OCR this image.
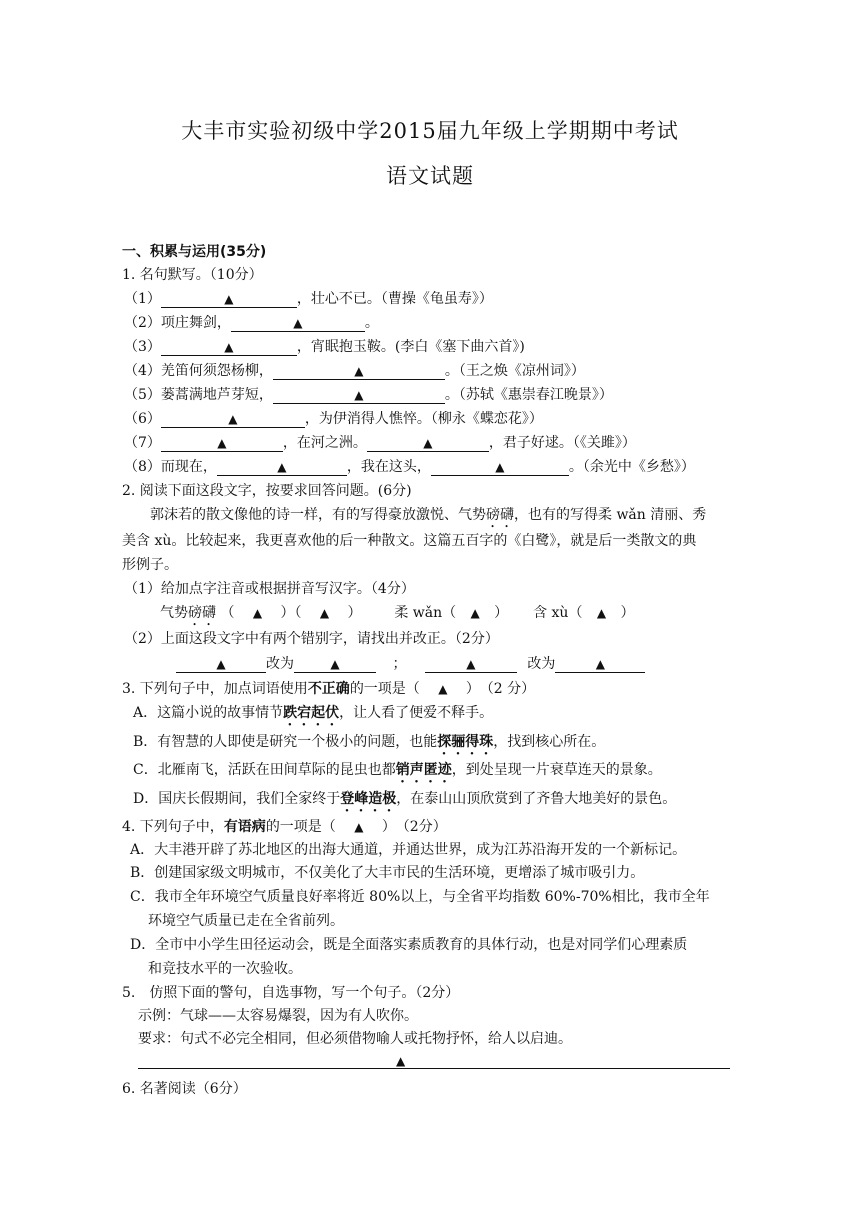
大丰市实验初级中学2015届九年级上学期期中考试
语文试题
一、积累与运用(35分)
1. 名句默写。（10分）
（1）	▲	，壮心不已。（曹操《龟虽寿》）
（2）项庄舞剑，	▲	。
（3）	▲	，宵眠抱玉鞍。(李白《塞下曲六首》)
（4）羌笛何须怨杨柳，	▲	。（王之焕《凉州词》）
（5）蒌蒿满地芦芽短，	▲	。（苏轼《惠崇春江晚景》）
（6）	▲	，为伊消得人憔悴。（柳永《蝶恋花》）
（7）	▲	，在河之洲。	▲	，君子好逑。（《关雎》）
（8）而现在，	▲	，我在这头，	▲	。（余光中《乡愁》）
2. 阅读下面这段文字，按要求回答问题。(6分)
郭沫若的散文像他的诗一样，有的写得豪放激悦、气势磅礴，也有的写得柔 wǎn 清丽、秀
美含 xù。比较起来，我更喜欢他的后一种散文。这篇五百字的《白鹭》，就是后一类散文的典
形例子。
（1）给加点字注音或根据拼音写汉字。（4分）
气势磅礴 （ ▲ ）（ ▲ ） 柔 wǎn（ ▲ ） 含 xù（ ▲ ）
（2）上面这段文字中有两个错别字，请找出并改正。（2分）
▲	改为	▲	；	▲	改为	▲
3. 下列句子中，加点词语使用不正确的一项是（ ▲ ）　（2 分）
A．这篇小说的故事情节跌宕起伏，让人看了便爱不释手。
B．有智慧的人即使是研究一个极小的问题，也能探骊得珠，找到核心所在。
C．北雁南飞，活跃在田间草际的昆虫也都销声匿迹，到处呈现一片衰草连天的景象。
D．国庆长假期间，我们全家终于登峰造极，在泰山山顶欣赏到了齐鲁大地美好的景色。
4. 下列句子中，有语病的一项是（ ▲ ）　（2分）
A．大丰港开辟了苏北地区的出海大通道，并通达世界，成为江苏沿海开发的一个新标记。
B．创建国家级文明城市，不仅美化了大丰市民的生活环境，更增添了城市吸引力。
C．我市全年环境空气质量良好率将近 80%以上，与全省平均指数 60%-70%相比，我市全年
环境空气质量已走在全省前列。
D．全市中小学生田径运动会，既是全面落实素质教育的具体行动，也是对同学们心理素质
和竞技水平的一次验收。
5.　仿照下面的警句，自选事物，写一个句子。（2分）
示例：气球——太容易爆裂，因为有人吹你。
要求：句式不必完全相同，但必须借物喻人或托物抒怀，给人以启迪。
▲
6. 名著阅读（6分）
